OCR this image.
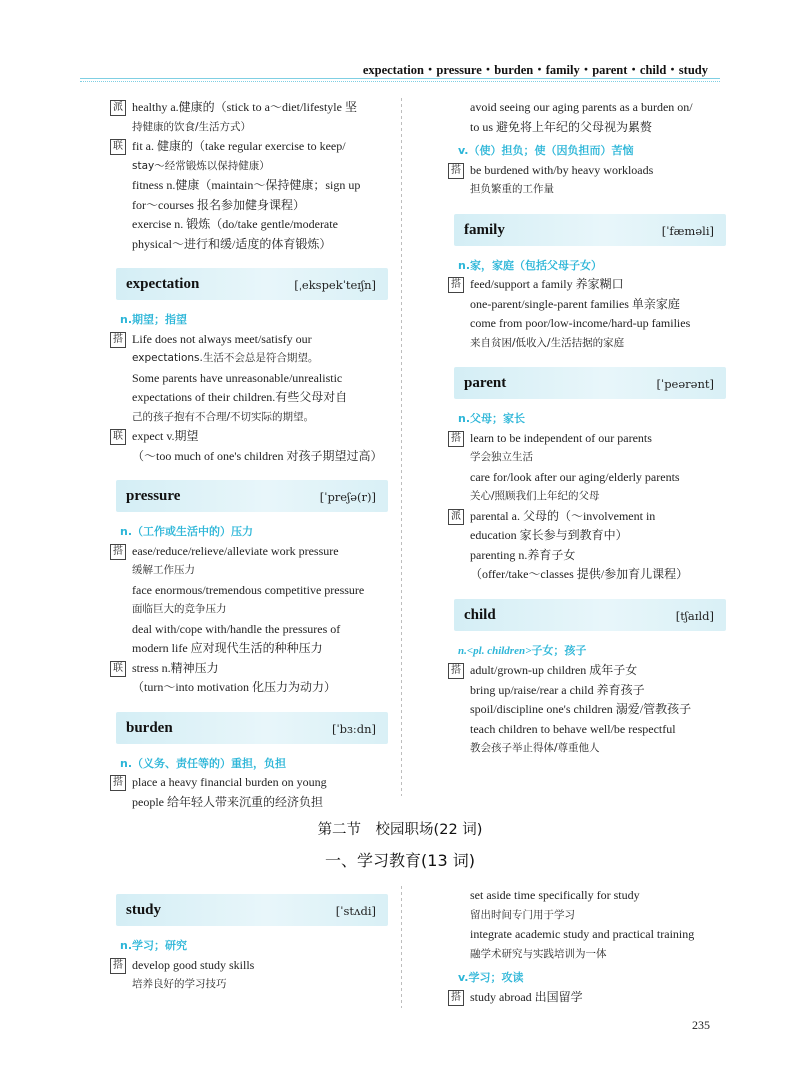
expectation・pressure・burden・family・parent・child・study
派 healthy a.健康的（stick to a～diet/lifestyle 坚
持健康的饮食/生活方式）
联 fit a. 健康的（take regular exercise to keep/
stay～经常锻炼以保持健康）
fitness n.健康（maintain～保持健康；sign up
for～courses 报名参加健身课程）
exercise n. 锻炼（do/take gentle/moderate
physical～进行和缓/适度的体育锻炼）
expectation	[ˌekspekˈteɪʃn]
n.期望；指望
搭 Life does not always meet/satisfy our
expectations.生活不会总是符合期望。
Some parents have unreasonable/unrealistic
expectations of their children.有些父母对自
己的孩子抱有不合理/不切实际的期望。
联 expect v.期望
（～too much of one's children 对孩子期望过高）
pressure	[ˈpreʃə(r)]
n.（工作或生活中的）压力
搭 ease/reduce/relieve/alleviate work pressure
缓解工作压力
face enormous/tremendous competitive pressure
面临巨大的竞争压力
deal with/cope with/handle the pressures of
modern life 应对现代生活的种种压力
联 stress n.精神压力
（turn～into motivation 化压力为动力）
burden	[ˈbɜːdn]
n.（义务、责任等的）重担，负担
搭 place a heavy financial burden on young
people 给年轻人带来沉重的经济负担
avoid seeing our aging parents as a burden on/
to us 避免将上年纪的父母视为累赘
v.（使）担负；使（因负担而）苦恼
搭 be burdened with/by heavy workloads
担负繁重的工作量
family	[ˈfæməli]
n.家，家庭（包括父母子女）
搭 feed/support a family 养家糊口
one-parent/single-parent families 单亲家庭
come from poor/low-income/hard-up families
来自贫困/低收入/生活拮据的家庭
parent	[ˈpeərənt]
n.父母；家长
搭 learn to be independent of our parents
学会独立生活
care for/look after our aging/elderly parents
关心/照顾我们上年纪的父母
派 parental a. 父母的（～involvement in
education 家长参与到教育中）
parenting n.养育子女
（offer/take～classes 提供/参加育儿课程）
child	[tʃaɪld]
n.<pl. children>子女；孩子
搭 adult/grown-up children 成年子女
bring up/raise/rear a child 养育孩子
spoil/discipline one's children 溺爱/管教孩子
teach children to behave well/be respectful
教会孩子举止得体/尊重他人
第二节　校园职场(22 词)
一、学习教育(13 词)
study	[ˈstʌdi]
n.学习；研究
搭 develop good study skills
培养良好的学习技巧
set aside time specifically for study
留出时间专门用于学习
integrate academic study and practical training
融学术研究与实践培训为一体
v.学习；攻读
搭 study abroad 出国留学
235
